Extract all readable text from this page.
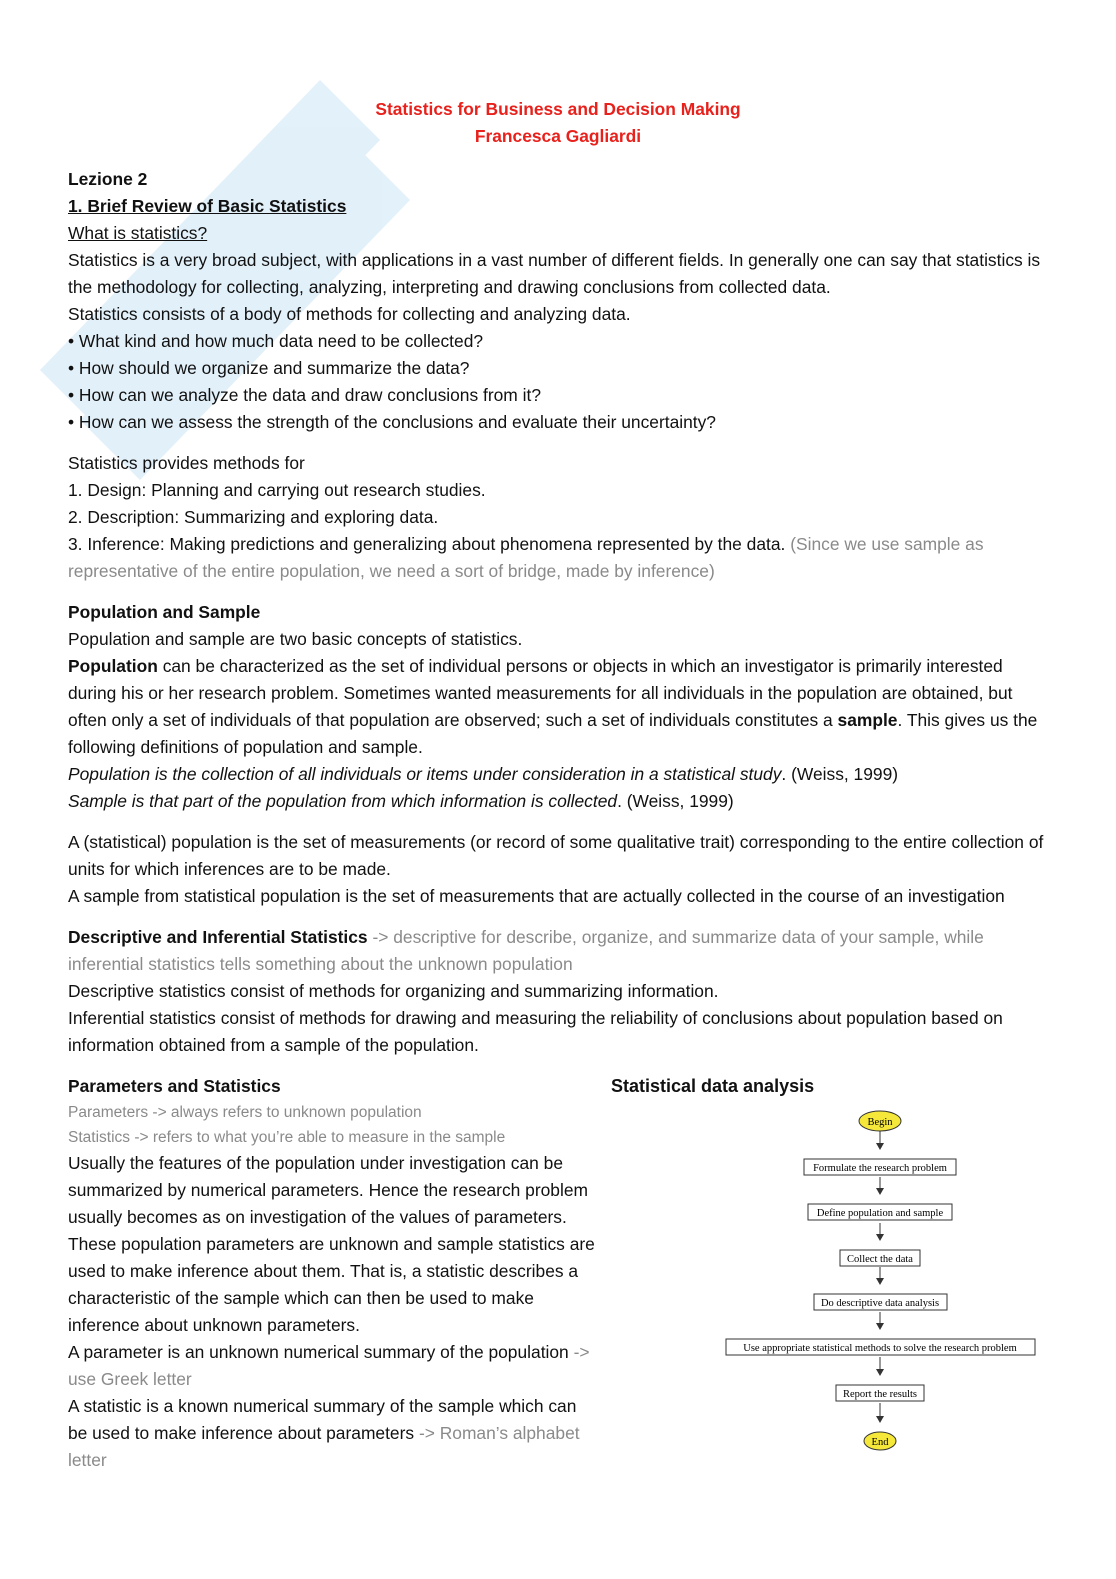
Statistics for Business and Decision Making
Francesca Gagliardi

Lezione 2

1. Brief Review of Basic Statistics

What is statistics?

Statistics is a very broad subject, with applications in a vast number of different fields. In generally one can say that statistics is the methodology for collecting, analyzing, interpreting and drawing conclusions from collected data.

Statistics consists of a body of methods for collecting and analyzing data.

• What kind and how much data need to be collected?

• How should we organize and summarize the data?

• How can we analyze the data and draw conclusions from it?

• How can we assess the strength of the conclusions and evaluate their uncertainty?

Statistics provides methods for

1. Design: Planning and carrying out research studies.

2. Description: Summarizing and exploring data.

3. Inference: Making predictions and generalizing about phenomena represented by the data. (Since we use sample as representative of the entire population, we need a sort of bridge, made by inference)

Population and Sample

Population and sample are two basic concepts of statistics.

Population can be characterized as the set of individual persons or objects in which an investigator is primarily interested during his or her research problem. Sometimes wanted measurements for all individuals in the population are obtained, but often only a set of individuals of that population are observed; such a set of individuals constitutes a sample. This gives us the following definitions of population and sample.

Population is the collection of all individuals or items under consideration in a statistical study. (Weiss, 1999)

Sample is that part of the population from which information is collected. (Weiss, 1999)

A (statistical) population is the set of measurements (or record of some qualitative trait) corresponding to the entire collection of units for which inferences are to be made.

A sample from statistical population is the set of measurements that are actually collected in the course of an investigation

Descriptive and Inferential Statistics -> descriptive for describe, organize, and summarize data of your sample, while inferential statistics tells something about the unknown population

Descriptive statistics consist of methods for organizing and summarizing information.

Inferential statistics consist of methods for drawing and measuring the reliability of conclusions about population based on information obtained from a sample of the population.

Parameters and Statistics

Parameters -> always refers to unknown population

Statistics -> refers to what you’re able to measure in the sample

Usually the features of the population under investigation can be summarized by numerical parameters. Hence the research problem usually becomes as on investigation of the values of parameters. These population parameters are unknown and sample statistics are used to make inference about them. That is, a statistic describes a characteristic of the sample which can then be used to make inference about unknown parameters.

A parameter is an unknown numerical summary of the population -> use Greek letter

A statistic is a known numerical summary of the sample which can be used to make inference about parameters -> Roman’s alphabet letter

Statistical data analysis

Begin
Formulate the research problem
Define population and sample
Collect the data
Do descriptive data analysis
Use appropriate statistical methods to solve the research problem
Report the results
End
